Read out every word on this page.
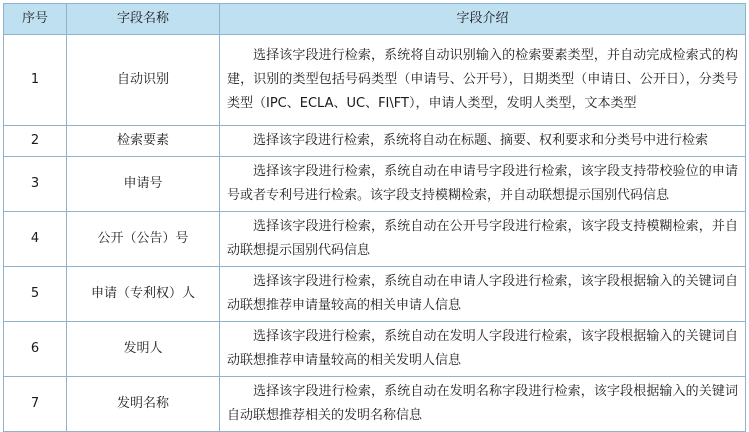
序号	字段名称	字段介绍
1	自动识别	选择该字段进行检索，系统将自动识别输入的检索要素类型，并自动完成检索式的构建，识别的类型包括号码类型（申请号、公开号），日期类型（申请日、公开日），分类号类型（IPC、ECLA、UC、FI\FT），申请人类型，发明人类型，文本类型

2	检索要素	选择该字段进行检索，系统将自动在标题、摘要、权利要求和分类号中进行检索

3	申请号	选择该字段进行检索，系统自动在申请号字段进行检索，该字段支持带校验位的申请号或者专利号进行检索。该字段支持模糊检索，并自动联想提示国别代码信息

4	公开（公告）号	选择该字段进行检索，系统自动在公开号字段进行检索，该字段支持模糊检索，并自动联想提示国别代码信息

5	申请（专利权）人	选择该字段进行检索，系统自动在申请人字段进行检索，该字段根据输入的关键词自动联想推荐申请量较高的相关申请人信息

6	发明人	选择该字段进行检索，系统自动在发明人字段进行检索，该字段根据输入的关键词自动联想推荐申请量较高的相关发明人信息

7	发明名称	选择该字段进行检索，系统自动在发明名称字段进行检索，该字段根据输入的关键词自动联想推荐相关的发明名称信息
